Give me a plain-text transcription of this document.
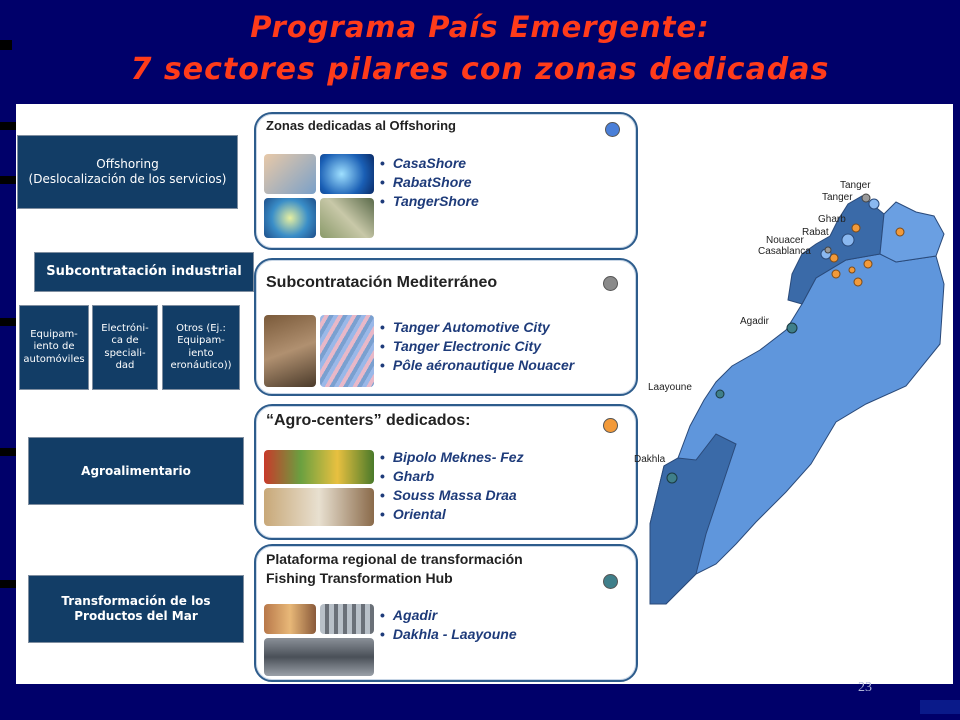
Programa País Emergente:
7 sectores pilares con zonas dedicadas
Offshoring
(Deslocalización de los servicios)
Subcontratación industrial
Equipam-
iento de
automóviles
Electróni-
ca de
speciali-
dad
Otros (Ej.:
Equipam-
iento
eronáutico))
Agroalimentario
Transformación de los
Productos del Mar
Zonas dedicadas al Offshoring
• CasaShore
• RabatShore
• TangerShore
Subcontratación Mediterráneo
• Tanger Automotive City
• Tanger Electronic City
• Pôle aéronautique Nouacer
“Agro-centers” dedicados:
• Bipolo Meknes- Fez
• Gharb
• Souss Massa Draa
• Oriental
Plataforma regional de transformación
Fishing Transformation Hub
• Agadir
• Dakhla - Laayoune
Tanger
Tanger
Gharb
Rabat
Nouacer
Casablanca
Agadir
Laayoune
Dakhla
23
